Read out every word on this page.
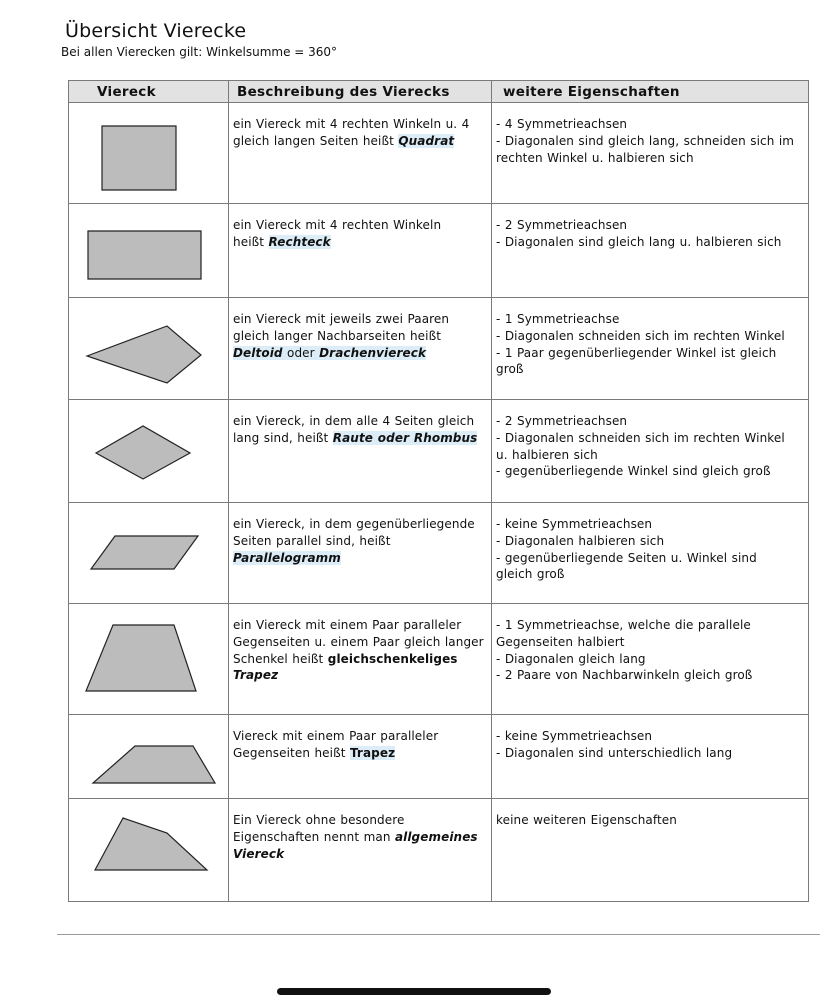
Übersicht Vierecke
Bei allen Vierecken gilt: Winkelsumme = 360°
Viereck	Beschreibung des Vierecks	weitere Eigenschaften

ein Viereck mit 4 rechten Winkeln u. 4
gleich langen Seiten heißt Quadrat	- 4 Symmetrieachsen
- Diagonalen sind gleich lang, schneiden sich im
rechten Winkel u. halbieren sich

ein Viereck mit 4 rechten Winkeln
heißt Rechteck	- 2 Symmetrieachsen
- Diagonalen sind gleich lang u. halbieren sich

ein Viereck mit jeweils zwei Paaren
gleich langer Nachbarseiten heißt
Deltoid oder Drachenviereck	- 1 Symmetrieachse
- Diagonalen schneiden sich im rechten Winkel
- 1 Paar gegenüberliegender Winkel ist gleich
groß

ein Viereck, in dem alle 4 Seiten gleich
lang sind, heißt Raute oder Rhombus	- 2 Symmetrieachsen
- Diagonalen schneiden sich im rechten Winkel
u. halbieren sich
- gegenüberliegende Winkel sind gleich groß

ein Viereck, in dem gegenüberliegende
Seiten parallel sind, heißt
Parallelogramm	- keine Symmetrieachsen
- Diagonalen halbieren sich
- gegenüberliegende Seiten u. Winkel sind
gleich groß

ein Viereck mit einem Paar paralleler
Gegenseiten u. einem Paar gleich langer
Schenkel heißt gleichschenkeliges
Trapez	- 1 Symmetrieachse, welche die parallele
Gegenseiten halbiert
- Diagonalen gleich lang
- 2 Paare von Nachbarwinkeln gleich groß

Viereck mit einem Paar paralleler
Gegenseiten heißt Trapez	- keine Symmetrieachsen
- Diagonalen sind unterschiedlich lang

Ein Viereck ohne besondere
Eigenschaften nennt man allgemeines
Viereck	keine weiteren Eigenschaften
